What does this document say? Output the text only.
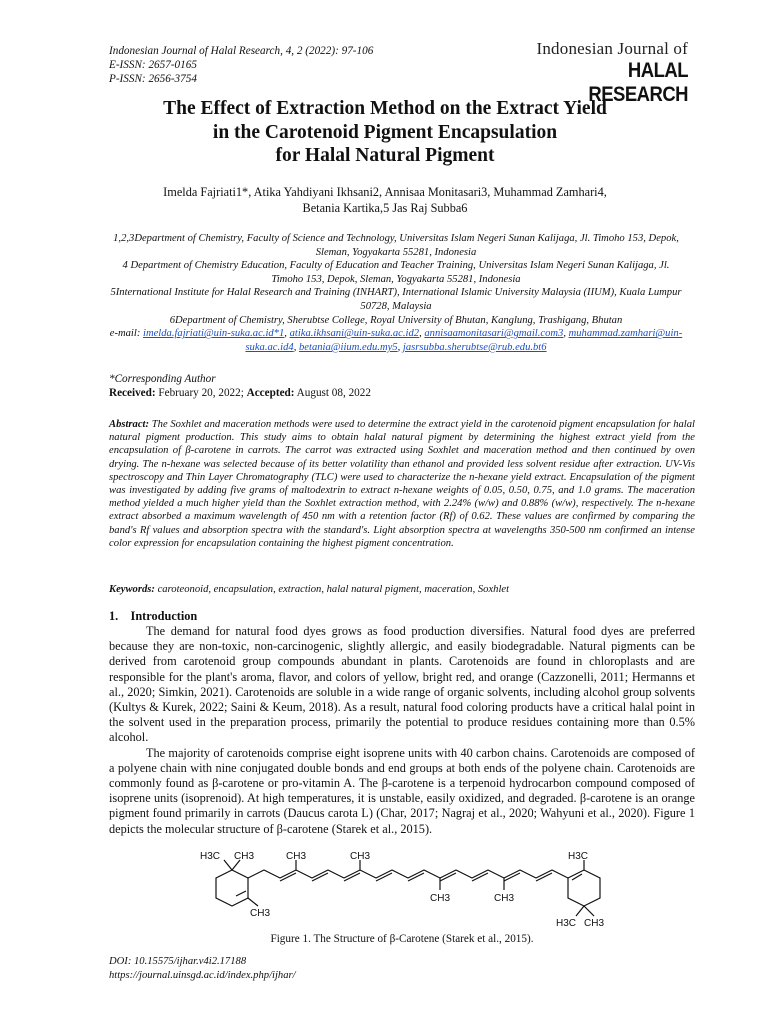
Indonesian Journal of Halal Research, 4, 2 (2022): 97-106
E-ISSN: 2657-0165
P-ISSN: 2656-3754
Indonesian Journal of
HALAL RESEARCH
The Effect of Extraction Method on the Extract Yield
in the Carotenoid Pigment Encapsulation
for Halal Natural Pigment
Imelda Fajriati1*, Atika Yahdiyani Ikhsani2, Annisaa Monitasari3, Muhammad Zamhari4,
Betania Kartika,5 Jas Raj Subba6
1,2,3Department of Chemistry, Faculty of Science and Technology, Universitas Islam Negeri Sunan Kalijaga, Jl. Timoho 153, Depok, Sleman, Yogyakarta 55281, Indonesia
4 Department of Chemistry Education, Faculty of Education and Teacher Training, Universitas Islam Negeri Sunan Kalijaga, Jl. Timoho 153, Depok, Sleman, Yogyakarta 55281, Indonesia
5International Institute for Halal Research and Training (INHART), International Islamic University Malaysia (IIUM), Kuala Lumpur 50728, Malaysia
6Department of Chemistry, Sherubtse College, Royal University of Bhutan, Kanglung, Trashigang, Bhutan
e-mail: imelda.fajriati@uin-suka.ac.id*1, atika.ikhsani@uin-suka.ac.id2, annisaamonitasari@gmail.com3, muhammad.zamhari@uin-suka.ac.id4, betania@iium.edu.my5, jasrsubba.sherubtse@rub.edu.bt6
*Corresponding Author
Received: February 20, 2022; Accepted: August 08, 2022
Abstract: The Soxhlet and maceration methods were used to determine the extract yield in the carotenoid pigment encapsulation for halal natural pigment production. This study aims to obtain halal natural pigment by determining the highest extract yield from the encapsulation of β-carotene in carrots. The carrot was extracted using Soxhlet and maceration method and then continued by oven drying. The n-hexane was selected because of its better volatility than ethanol and provided less solvent residue after extraction. UV-Vis spectroscopy and Thin Layer Chromatography (TLC) were used to characterize the n-hexane yield extract. Encapsulation of the pigment was investigated by adding five grams of maltodextrin to extract n-hexane weights of 0.05, 0.50, 0.75, and 1.0 grams. The maceration method yielded a much higher yield than the Soxhlet extraction method, with 2.24% (w/w) and 0.88% (w/w), respectively. The n-hexane extract absorbed a maximum wavelength of 450 nm with a retention factor (Rf) of 0.62. These values are confirmed by comparing the band's Rf values and absorption spectra with the standard's. Light absorption spectra at wavelengths 350-500 nm confirmed an intense color expression for encapsulation containing the highest pigment concentration.
Keywords: caroteonoid, encapsulation, extraction, halal natural pigment, maceration, Soxhlet
1. Introduction

The demand for natural food dyes grows as food production diversifies. Natural food dyes are preferred because they are non-toxic, non-carcinogenic, slightly allergic, and easily biodegradable. Natural pigments can be derived from carotenoid group compounds abundant in plants. Carotenoids are found in chloroplasts and are responsible for the plant's aroma, flavor, and colors of yellow, bright red, and orange (Cazzonelli, 2011; Hermanns et al., 2020; Simkin, 2021). Carotenoids are soluble in a wide range of organic solvents, including alcohol group solvents (Kultys & Kurek, 2022; Saini & Keum, 2018). As a result, natural food coloring products have a critical halal point in the solvent used in the preparation process, primarily the potential to produce residues containing more than 0.5% alcohol.

The majority of carotenoids comprise eight isoprene units with 40 carbon chains. Carotenoids are composed of a polyene chain with nine conjugated double bonds and end groups at both ends of the polyene chain. Carotenoids are commonly found as β-carotene or pro-vitamin A. The β-carotene is a terpenoid hydrocarbon compound composed of isoprene units (isoprenoid). At high temperatures, it is unstable, easily oxidized, and degraded. β-carotene is an orange pigment found primarily in carrots (Daucus carota L) (Char, 2017; Nagraj et al., 2020; Wahyuni et al., 2020). Figure 1 depicts the molecular structure of β-carotene (Starek et al., 2015).

H3C CH3
CH3
CH3	CH3
CH3	CH3
CH3
H3C
H3C
Figure 1. The Structure of β-Carotene (Starek et al., 2015).
DOI: 10.15575/ijhar.v4i2.17188
https://journal.uinsgd.ac.id/index.php/ijhar/
